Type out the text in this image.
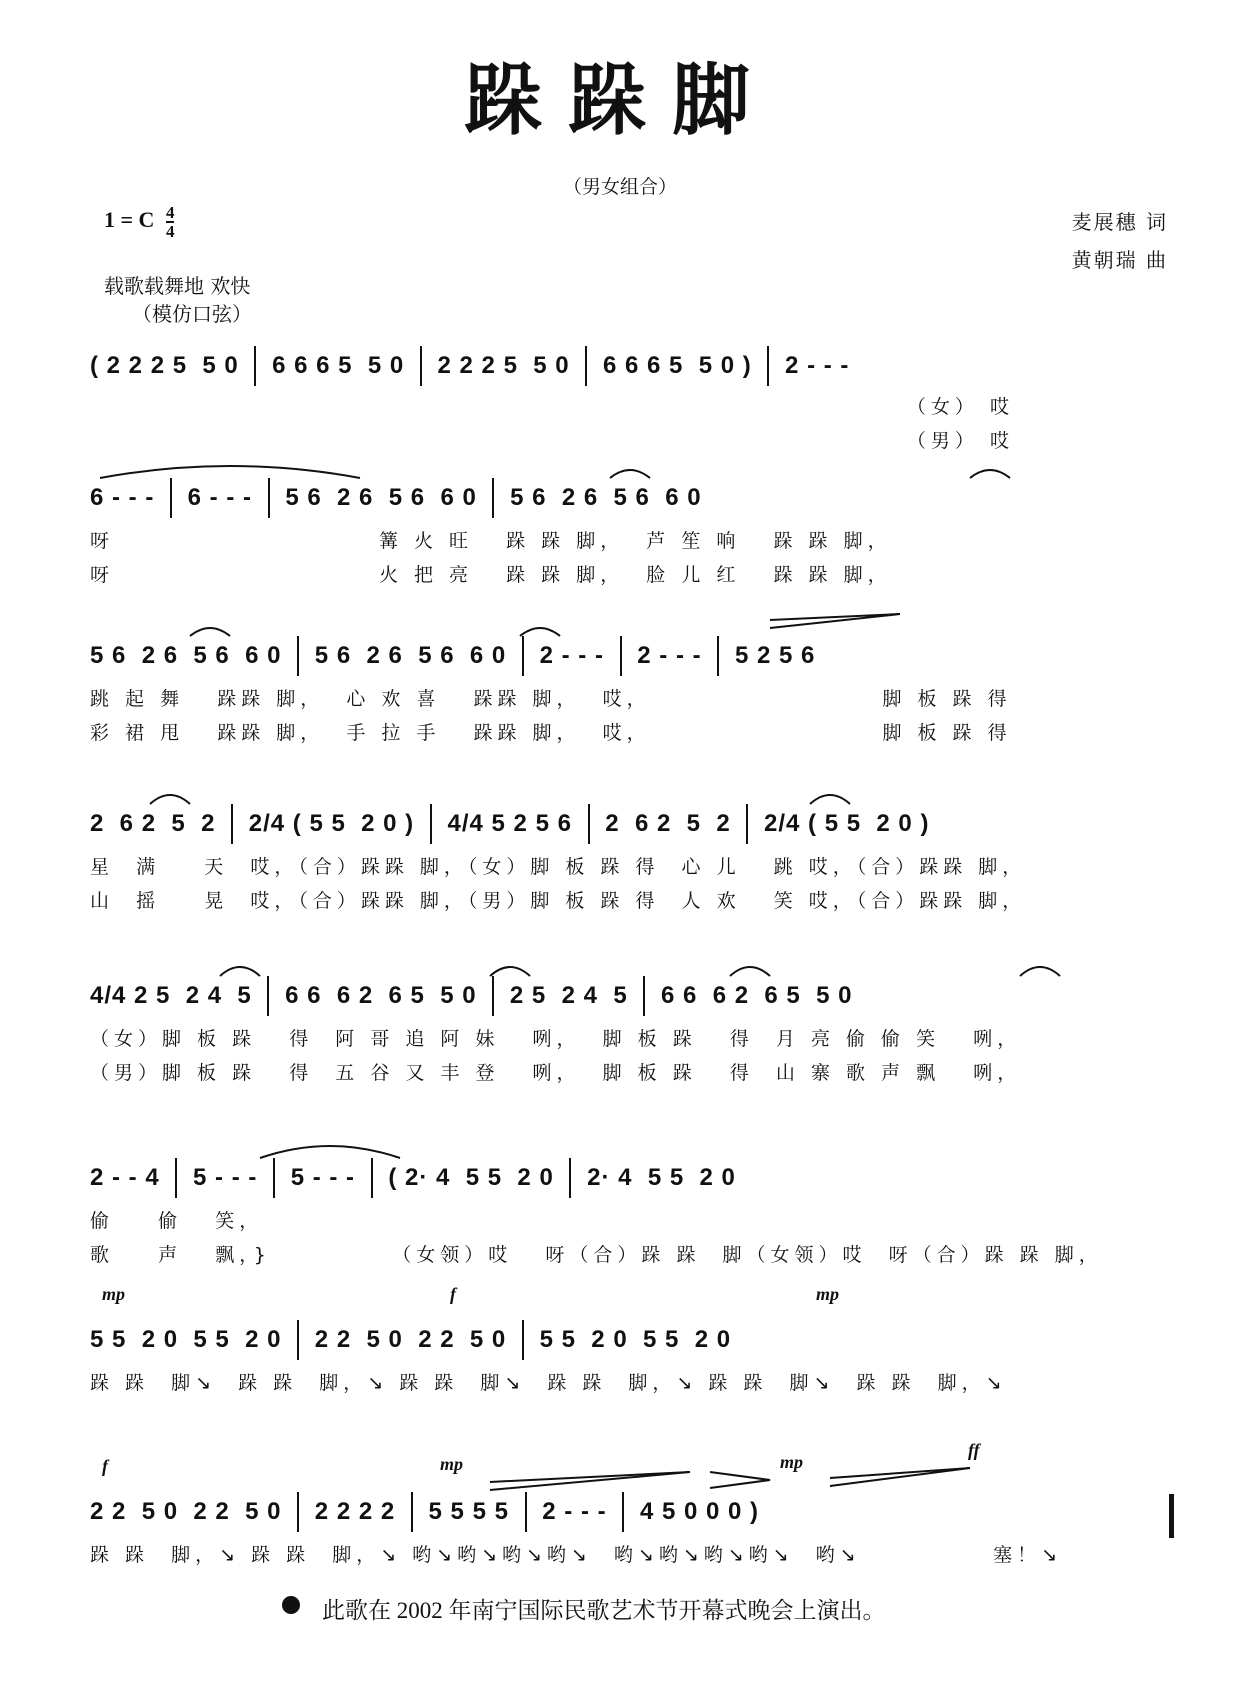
跺跺脚
（男女组合）
1 = C $\frac{4}{4}$	麦展穗 词
黄朝瑞 曲
载歌载舞地 欢快
（模仿口弦）
( 2 2 2 5  5 0 6 6 6 5  5 0 2 2 2 5  5 0 6 6 6 5  5 0 ) 2 - - -
（女） 哎
（男） 哎
6 - - - 6 - - - 5 6  2 6  5 6  6 0 5 6  2 6  5 6  6 0
呀                        篝 火 旺   跺 跺 脚，  芦 笙 响   跺 跺 脚，
呀                        火 把 亮   跺 跺 脚，  脸 儿 红   跺 跺 脚，
5 6  2 6  5 6  6 0 5 6  2 6  5 6  6 0 2 - - - 2 - - - 5 2 5 6
跳 起 舞   跺跺 脚，  心 欢 喜   跺跺 脚，  哎，                     脚 板 跺 得
彩 裙 甩   跺跺 脚，  手 拉 手   跺跺 脚，  哎，                     脚 板 跺 得
2  6 2  5  2 2/4 ( 5 5  2 0 ) 4/4 5 2 5 6 2  6 2  5  2 2/4 ( 5 5  2 0 )
星  满    天  哎，（合）跺跺 脚，（女）脚 板 跺 得  心 儿   跳 哎，（合）跺跺 脚，
山  摇    晃  哎，（合）跺跺 脚，（男）脚 板 跺 得  人 欢   笑 哎，（合）跺跺 脚，
4/4 2 5  2 4  5 6 6  6 2  6 5  5 0 2 5  2 4  5 6 6  6 2  6 5  5 0
（女）脚 板 跺   得  阿 哥 追 阿 妹   咧，  脚 板 跺   得  月 亮 偷 偷 笑   咧，
（男）脚 板 跺   得  五 谷 又 丰 登   咧，  脚 板 跺   得  山 寨 歌 声 飘   咧，
2 - - 4 5 - - - 5 - - - ( 2· 4  5 5  2 0 2· 4  5 5  2 0
偷    偷   笑，
歌    声   飘，}           （女领）哎   呀（合）跺 跺  脚（女领）哎  呀（合）跺 跺 脚，
mp	f	mp
5 5  2 0  5 5  2 0 2 2  5 0  2 2  5 0 5 5  2 0  5 5  2 0
跺 跺  脚↘  跺 跺  脚，↘ 跺 跺  脚↘  跺 跺  脚，↘ 跺 跺  脚↘  跺 跺  脚，↘
f	mp	mp
ff
2 2  5 0  2 2  5 0 2 2 2 2 5 5 5 5 2 - - - 4 5 0 0 0 )
跺 跺  脚，↘ 跺 跺  脚，↘ 哟↘哟↘哟↘哟↘  哟↘哟↘哟↘哟↘  哟↘            塞！↘
此歌在 2002 年南宁国际民歌艺术节开幕式晚会上演出。
